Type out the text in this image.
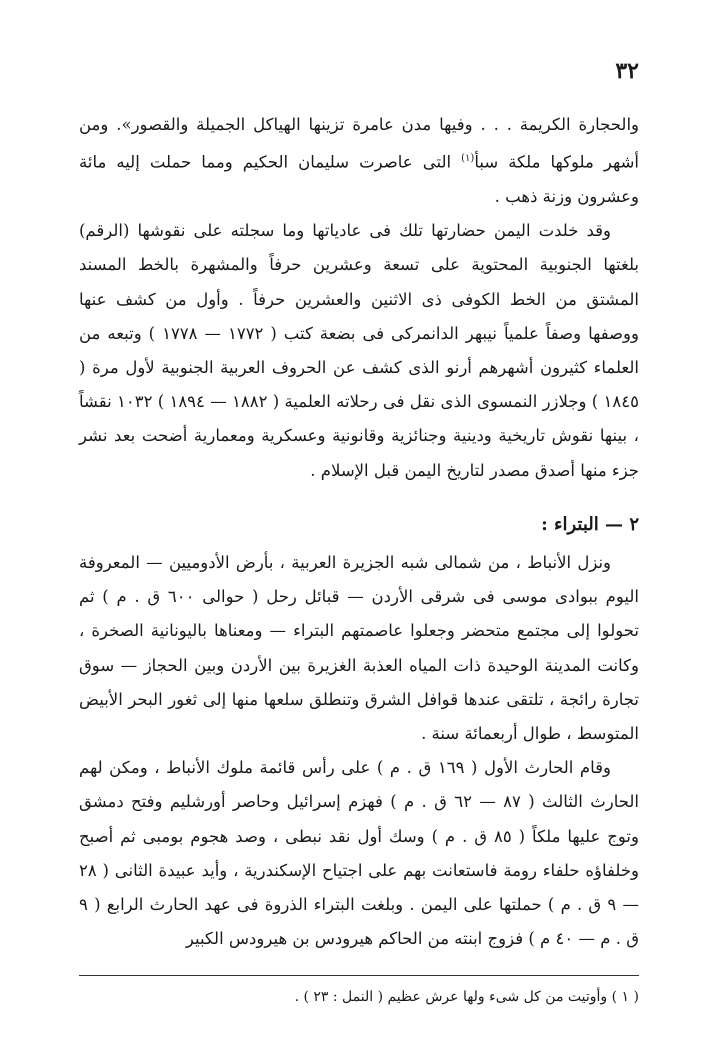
٣٢

والحجارة الكريمة . . . وفيها مدن عامرة تزينها الهياكل الجميلة والقصور». ومن أشهر ملوكها ملكة سبأ$^{(١)}$ التى عاصرت سليمان الحكيم ومما حملت إليه مائة وعشرون وزنة ذهب .

وقد خلدت اليمن حضارتها تلك فى عادياتها وما سجلته على نقوشها (الرقم) بلغتها الجنوبية المحتوية على تسعة وعشرين حرفاً والمشهرة بالخط المسند المشتق من الخط الكوفى ذى الاثنين والعشرين حرفاً . وأول من كشف عنها ووصفها وصفاً علمياً نيبهر الدانمركى فى بضعة كتب ( ١٧٧٢ — ١٧٧٨ ) وتبعه من العلماء كثيرون أشهرهم أرنو الذى كشف عن الحروف العربية الجنوبية لأول مرة ( ١٨٤٥ ) وجلازر النمسوى الذى نقل فى رحلاته العلمية ( ١٨٨٢ — ١٨٩٤ ) ١٠٣٢ نقشاً ، بينها نقوش تاريخية ودينية وجنائزية وقانونية وعسكرية ومعمارية أضحت بعد نشر جزء منها أصدق مصدر لتاريخ اليمن قبل الإسلام .

٢ — البتراء :

ونزل الأنباط ، من شمالى شبه الجزيرة العربية ، بأرض الأدوميين — المعروفة اليوم ببوادى موسى فى شرقى الأردن — قبائل رحل ( حوالى ٦٠٠ ق . م ) ثم تحولوا إلى مجتمع متحضر وجعلوا عاصمتهم البتراء — ومعناها باليونانية الصخرة ، وكانت المدينة الوحيدة ذات المياه العذبة الغزيرة بين الأردن وبين الحجاز — سوق تجارة رائجة ، تلتقى عندها قوافل الشرق وتنطلق سلعها منها إلى ثغور البحر الأبيض المتوسط ، طوال أربعمائة سنة .

وقام الحارث الأول ( ١٦٩ ق . م ) على رأس قائمة ملوك الأنباط ، ومكن لهم الحارث الثالث ( ٨٧ — ٦٢ ق . م ) فهزم إسرائيل وحاصر أورشليم وفتح دمشق وتوج عليها ملكاً ( ٨٥ ق . م ) وسك أول نقد نبطى ، وصد هجوم بومبى ثم أصبح وخلفاؤه حلفاء رومة فاستعانت بهم على اجتياح الإسكندرية ، وأيد عبيدة الثانى ( ٢٨ — ٩ ق . م ) حملتها على اليمن . وبلغت البتراء الذروة فى عهد الحارث الرابع ( ٩ ق . م — ٤٠ م ) فزوج ابنته من الحاكم هيرودس بن هيرودس الكبير

( ١ ) وأوتيت من كل شىء ولها عرش عظيم ( النمل : ٢٣ ) .
